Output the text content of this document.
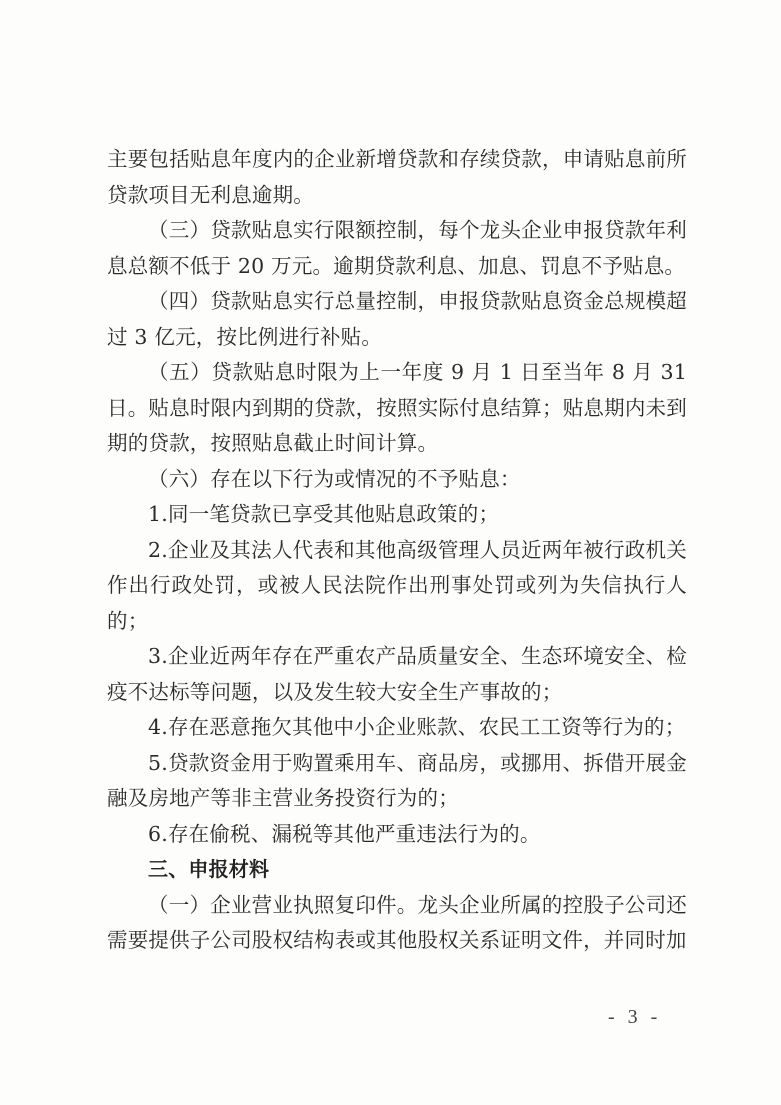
主要包括贴息年度内的企业新增贷款和存续贷款，申请贴息前所贷款项目无利息逾期。

（三）贷款贴息实行限额控制，每个龙头企业申报贷款年利息总额不低于 20 万元。逾期贷款利息、加息、罚息不予贴息。

（四）贷款贴息实行总量控制，申报贷款贴息资金总规模超过 3 亿元，按比例进行补贴。

（五）贷款贴息时限为上一年度 9 月 1 日至当年 8 月 31 日。贴息时限内到期的贷款，按照实际付息结算；贴息期内未到期的贷款，按照贴息截止时间计算。

（六）存在以下行为或情况的不予贴息：

1.同一笔贷款已享受其他贴息政策的；

2.企业及其法人代表和其他高级管理人员近两年被行政机关作出行政处罚，或被人民法院作出刑事处罚或列为失信执行人的；

3.企业近两年存在严重农产品质量安全、生态环境安全、检疫不达标等问题，以及发生较大安全生产事故的；

4.存在恶意拖欠其他中小企业账款、农民工工资等行为的；

5.贷款资金用于购置乘用车、商品房，或挪用、拆借开展金融及房地产等非主营业务投资行为的；

6.存在偷税、漏税等其他严重违法行为的。

三、申报材料

（一）企业营业执照复印件。龙头企业所属的控股子公司还需要提供子公司股权结构表或其他股权关系证明文件，并同时加

- 3 -
